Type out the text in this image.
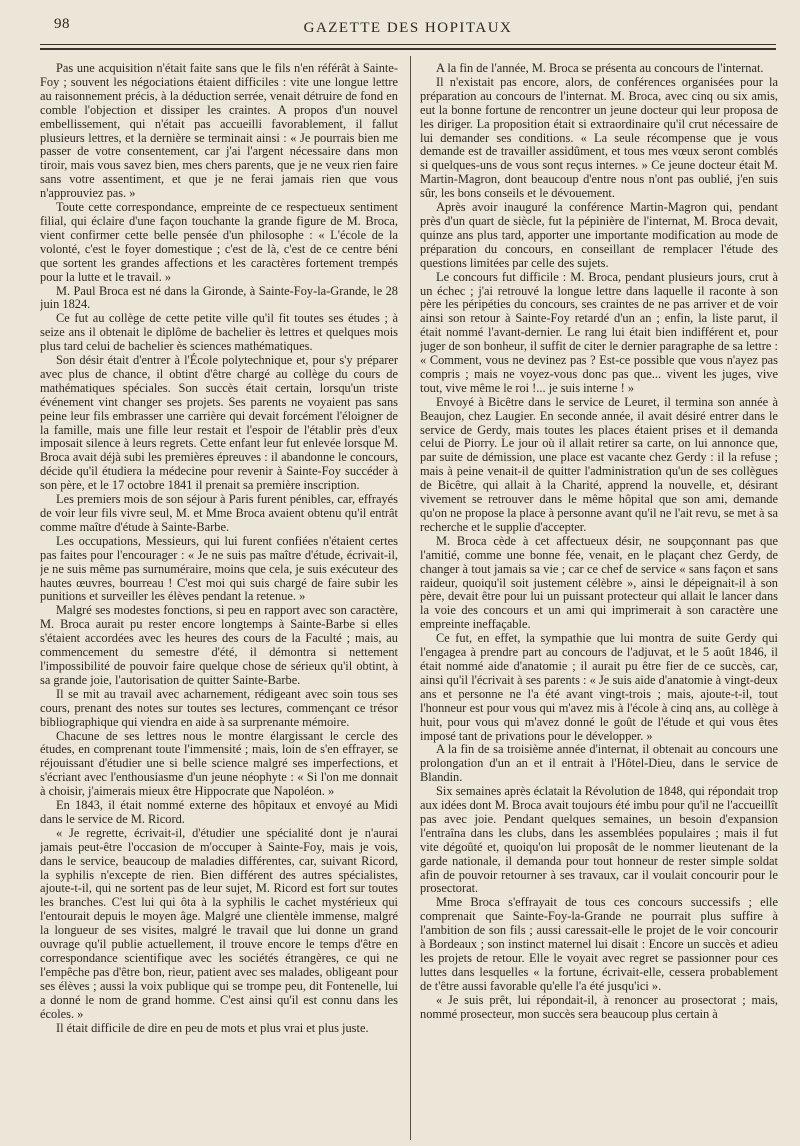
98	GAZETTE DES HOPITAUX

Pas une acquisition n'était faite sans que le fils n'en référât à Sainte-Foy ; souvent les négociations étaient difficiles : vite une longue lettre au raisonnement précis, à la déduction serrée, venait détruire de fond en comble l'objection et dissiper les craintes. A propos d'un nouvel embellissement, qui n'était pas accueilli favorablement, il fallut plusieurs lettres, et la dernière se terminait ainsi : « Je pourrais bien me passer de votre consentement, car j'ai l'argent nécessaire dans mon tiroir, mais vous savez bien, mes chers parents, que je ne veux rien faire sans votre assentiment, et que je ne ferai jamais rien que vous n'approuviez pas. »

Toute cette correspondance, empreinte de ce respectueux sentiment filial, qui éclaire d'une façon touchante la grande figure de M. Broca, vient confirmer cette belle pensée d'un philosophe : « L'école de la volonté, c'est le foyer domestique ; c'est de là, c'est de ce centre béni que sortent les grandes affections et les caractères fortement trempés pour la lutte et le travail. »

M. Paul Broca est né dans la Gironde, à Sainte-Foy-la-Grande, le 28 juin 1824.

Ce fut au collège de cette petite ville qu'il fit toutes ses études ; à seize ans il obtenait le diplôme de bachelier ès lettres et quelques mois plus tard celui de bachelier ès sciences mathématiques.

Son désir était d'entrer à l'École polytechnique et, pour s'y préparer avec plus de chance, il obtint d'être chargé au collège du cours de mathématiques spéciales. Son succès était certain, lorsqu'un triste événement vint changer ses projets. Ses parents ne voyaient pas sans peine leur fils embrasser une carrière qui devait forcément l'éloigner de la famille, mais une fille leur restait et l'espoir de l'établir près d'eux imposait silence à leurs regrets. Cette enfant leur fut enlevée lorsque M. Broca avait déjà subi les premières épreuves : il abandonne le concours, décide qu'il étudiera la médecine pour revenir à Sainte-Foy succéder à son père, et le 17 octobre 1841 il prenait sa première inscription.

Les premiers mois de son séjour à Paris furent pénibles, car, effrayés de voir leur fils vivre seul, M. et Mme Broca avaient obtenu qu'il entrât comme maître d'étude à Sainte-Barbe.

Les occupations, Messieurs, qui lui furent confiées n'étaient certes pas faites pour l'encourager : « Je ne suis pas maître d'étude, écrivait-il, je ne suis même pas surnuméraire, moins que cela, je suis exécuteur des hautes œuvres, bourreau ! C'est moi qui suis chargé de faire subir les punitions et surveiller les élèves pendant la retenue. »

Malgré ses modestes fonctions, si peu en rapport avec son caractère, M. Broca aurait pu rester encore longtemps à Sainte-Barbe si elles s'étaient accordées avec les heures des cours de la Faculté ; mais, au commencement du semestre d'été, il démontra si nettement l'impossibilité de pouvoir faire quelque chose de sérieux qu'il obtint, à sa grande joie, l'autorisation de quitter Sainte-Barbe.

Il se mit au travail avec acharnement, rédigeant avec soin tous ses cours, prenant des notes sur toutes ses lectures, commençant ce trésor bibliographique qui viendra en aide à sa surprenante mémoire.

Chacune de ses lettres nous le montre élargissant le cercle des études, en comprenant toute l'immensité ; mais, loin de s'en effrayer, se réjouissant d'étudier une si belle science malgré ses imperfections, et s'écriant avec l'enthousiasme d'un jeune néophyte : « Si l'on me donnait à choisir, j'aimerais mieux être Hippocrate que Napoléon. »

En 1843, il était nommé externe des hôpitaux et envoyé au Midi dans le service de M. Ricord.

« Je regrette, écrivait-il, d'étudier une spécialité dont je n'aurai jamais peut-être l'occasion de m'occuper à Sainte-Foy, mais je vois, dans le service, beaucoup de maladies différentes, car, suivant Ricord, la syphilis n'excepte de rien. Bien différent des autres spécialistes, ajoute-t-il, qui ne sortent pas de leur sujet, M. Ricord est fort sur toutes les branches. C'est lui qui ôta à la syphilis le cachet mystérieux qui l'entourait depuis le moyen âge. Malgré une clientèle immense, malgré la longueur de ses visites, malgré le travail que lui donne un grand ouvrage qu'il publie actuellement, il trouve encore le temps d'être en correspondance scientifique avec les sociétés étrangères, ce qui ne l'empêche pas d'être bon, rieur, patient avec ses malades, obligeant pour ses élèves ; aussi la voix publique qui se trompe peu, dit Fontenelle, lui a donné le nom de grand homme. C'est ainsi qu'il est connu dans les écoles. »

Il était difficile de dire en peu de mots et plus vrai et plus juste.

A la fin de l'année, M. Broca se présenta au concours de l'internat.

Il n'existait pas encore, alors, de conférences organisées pour la préparation au concours de l'internat. M. Broca, avec cinq ou six amis, eut la bonne fortune de rencontrer un jeune docteur qui leur proposa de les diriger. La proposition était si extraordinaire qu'il crut nécessaire de lui demander ses conditions. « La seule récompense que je vous demande est de travailler assidûment, et tous mes vœux seront comblés si quelques-uns de vous sont reçus internes. » Ce jeune docteur était M. Martin-Magron, dont beaucoup d'entre nous n'ont pas oublié, j'en suis sûr, les bons conseils et le dévouement.

Après avoir inauguré la conférence Martin-Magron qui, pendant près d'un quart de siècle, fut la pépinière de l'internat, M. Broca devait, quinze ans plus tard, apporter une importante modification au mode de préparation du concours, en conseillant de remplacer l'étude des questions limitées par celle des sujets.

Le concours fut difficile : M. Broca, pendant plusieurs jours, crut à un échec ; j'ai retrouvé la longue lettre dans laquelle il raconte à son père les péripéties du concours, ses craintes de ne pas arriver et de voir ainsi son retour à Sainte-Foy retardé d'un an ; enfin, la liste parut, il était nommé l'avant-dernier. Le rang lui était bien indifférent et, pour juger de son bonheur, il suffit de citer le dernier paragraphe de sa lettre : « Comment, vous ne devinez pas ? Est-ce possible que vous n'ayez pas compris ; mais ne voyez-vous donc pas que... vivent les juges, vive tout, vive même le roi !... je suis interne ! »

Envoyé à Bicêtre dans le service de Leuret, il termina son année à Beaujon, chez Laugier. En seconde année, il avait désiré entrer dans le service de Gerdy, mais toutes les places étaient prises et il demanda celui de Piorry. Le jour où il allait retirer sa carte, on lui annonce que, par suite de démission, une place est vacante chez Gerdy : il la refuse ; mais à peine venait-il de quitter l'administration qu'un de ses collègues de Bicêtre, qui allait à la Charité, apprend la nouvelle, et, désirant vivement se retrouver dans le même hôpital que son ami, demande qu'on ne propose la place à personne avant qu'il ne l'ait revu, se met à sa recherche et le supplie d'accepter.

M. Broca cède à cet affectueux désir, ne soupçonnant pas que l'amitié, comme une bonne fée, venait, en le plaçant chez Gerdy, de changer à tout jamais sa vie ; car ce chef de service « sans façon et sans raideur, quoiqu'il soit justement célèbre », ainsi le dépeignait-il à son père, devait être pour lui un puissant protecteur qui allait le lancer dans la voie des concours et un ami qui imprimerait à son caractère une empreinte ineffaçable.

Ce fut, en effet, la sympathie que lui montra de suite Gerdy qui l'engagea à prendre part au concours de l'adjuvat, et le 5 août 1846, il était nommé aide d'anatomie ; il aurait pu être fier de ce succès, car, ainsi qu'il l'écrivait à ses parents : « Je suis aide d'anatomie à vingt-deux ans et personne ne l'a été avant vingt-trois ; mais, ajoute-t-il, tout l'honneur est pour vous qui m'avez mis à l'école à cinq ans, au collège à huit, pour vous qui m'avez donné le goût de l'étude et qui vous êtes imposé tant de privations pour le développer. »

A la fin de sa troisième année d'internat, il obtenait au concours une prolongation d'un an et il entrait à l'Hôtel-Dieu, dans le service de Blandin.

Six semaines après éclatait la Révolution de 1848, qui répondait trop aux idées dont M. Broca avait toujours été imbu pour qu'il ne l'accueillît pas avec joie. Pendant quelques semaines, un besoin d'expansion l'entraîna dans les clubs, dans les assemblées populaires ; mais il fut vite dégoûté et, quoiqu'on lui proposât de le nommer lieutenant de la garde nationale, il demanda pour tout honneur de rester simple soldat afin de pouvoir retourner à ses travaux, car il voulait concourir pour le prosectorat.

Mme Broca s'effrayait de tous ces concours successifs ; elle comprenait que Sainte-Foy-la-Grande ne pourrait plus suffire à l'ambition de son fils ; aussi caressait-elle le projet de le voir concourir à Bordeaux ; son instinct maternel lui disait : Encore un succès et adieu les projets de retour. Elle le voyait avec regret se passionner pour ces luttes dans lesquelles « la fortune, écrivait-elle, cessera probablement de t'être aussi favorable qu'elle l'a été jusqu'ici ».

« Je suis prêt, lui répondait-il, à renoncer au prosectorat ; mais, nommé prosecteur, mon succès sera beaucoup plus certain à
